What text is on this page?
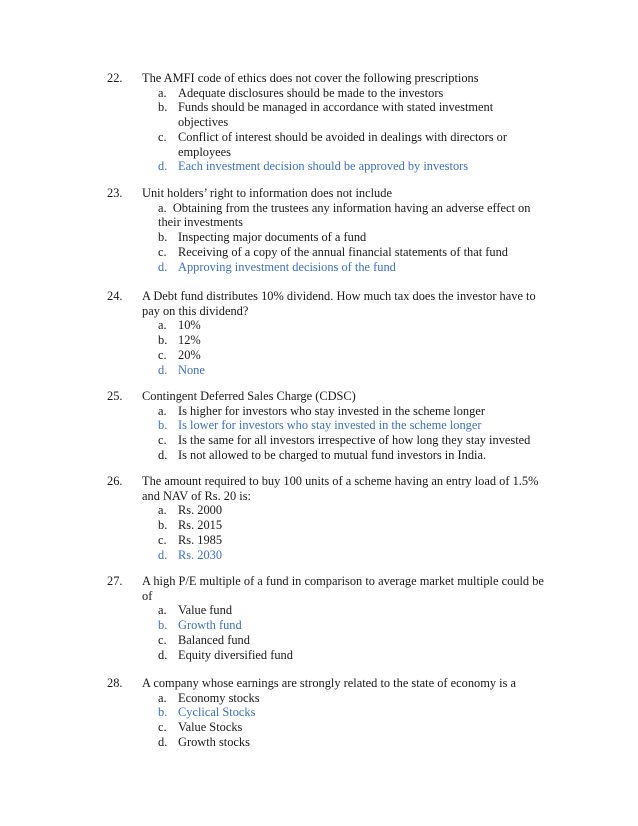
22. The AMFI code of ethics does not cover the following prescriptions
a. Adequate disclosures should be made to the investors
b. Funds should be managed in accordance with stated investment objectives
c. Conflict of interest should be avoided in dealings with directors or employees
d. Each investment decision should be approved by investors
23. Unit holders’ right to information does not include
a. Obtaining from the trustees any information having an adverse effect on their investments
b. Inspecting major documents of a fund
c. Receiving of a copy of the annual financial statements of that fund
d. Approving investment decisions of the fund
24. A Debt fund distributes 10% dividend. How much tax does the investor have to pay on this dividend?
a. 10%
b. 12%
c. 20%
d. None
25. Contingent Deferred Sales Charge (CDSC)
a. Is higher for investors who stay invested in the scheme longer
b. Is lower for investors who stay invested in the scheme longer
c. Is the same for all investors irrespective of how long they stay invested
d. Is not allowed to be charged to mutual fund investors in India.
26. The amount required to buy 100 units of a scheme having an entry load of 1.5% and NAV of Rs. 20 is:
a. Rs. 2000
b. Rs. 2015
c. Rs. 1985
d. Rs. 2030
27. A high P/E multiple of a fund in comparison to average market multiple could be of
a. Value fund
b. Growth fund
c. Balanced fund
d. Equity diversified fund
28. A company whose earnings are strongly related to the state of economy is a
a. Economy stocks
b. Cyclical Stocks
c. Value Stocks
d. Growth stocks
